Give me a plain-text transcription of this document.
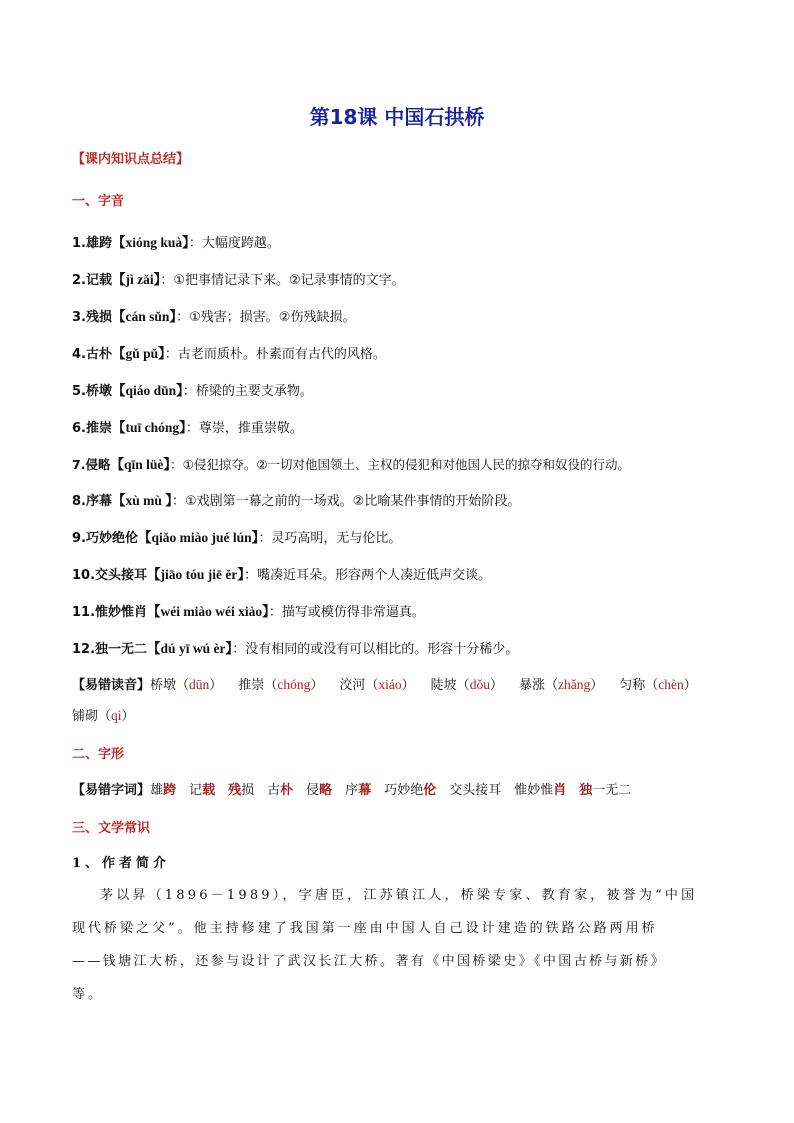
第18课 中国石拱桥
【课内知识点总结】
一、字音
1.雄跨【xióng kuà】：大幅度跨越。
2.记载【jì zǎi】：①把事情记录下来。②记录事情的文字。
3.残损【cán sǔn】：①残害；损害。②伤残缺损。
4.古朴【gǔ pǔ】：古老而质朴。朴素而有古代的风格。
5.桥墩【qiáo dūn】：桥梁的主要支承物。
6.推崇【tuī chóng】：尊崇，推重崇敬。
7.侵略【qīn lüè】：①侵犯掠夺。②一切对他国领土、主权的侵犯和对他国人民的掠夺和奴役的行动。
8.序幕【xù mù 】：①戏剧第一幕之前的一场戏。②比喻某件事情的开始阶段。
9.巧妙绝伦【qiǎo miào jué lún】：灵巧高明，无与伦比。
10.交头接耳【jiāo tóu jiē ěr】：嘴凑近耳朵。形容两个人凑近低声交谈。
11.惟妙惟肖【wéi miào wéi xiào】：描写或模仿得非常逼真。
12.独一无二【dú yī wú èr】：没有相同的或没有可以相比的。形容十分稀少。
【易错读音】桥墩（dūn） 推崇（chóng） 洨河（xiáo） 陡坡（dǒu） 暴涨（zhǎng） 匀称（chèn）
铺砌（qì）
二、字形
【易错字词】雄跨 记载 残损 古朴 侵略 序幕 巧妙绝伦 交头接耳 惟妙惟肖 独一无二
三、文学常识
1、作者简介
茅以昇（1896－1989），字唐臣，江苏镇江人，桥梁专家、教育家，被誉为“中国
现代桥梁之父”。他主持修建了我国第一座由中国人自己设计建造的铁路公路两用桥
——钱塘江大桥，还参与设计了武汉长江大桥。著有《中国桥梁史》《中国古桥与新桥》
等。
